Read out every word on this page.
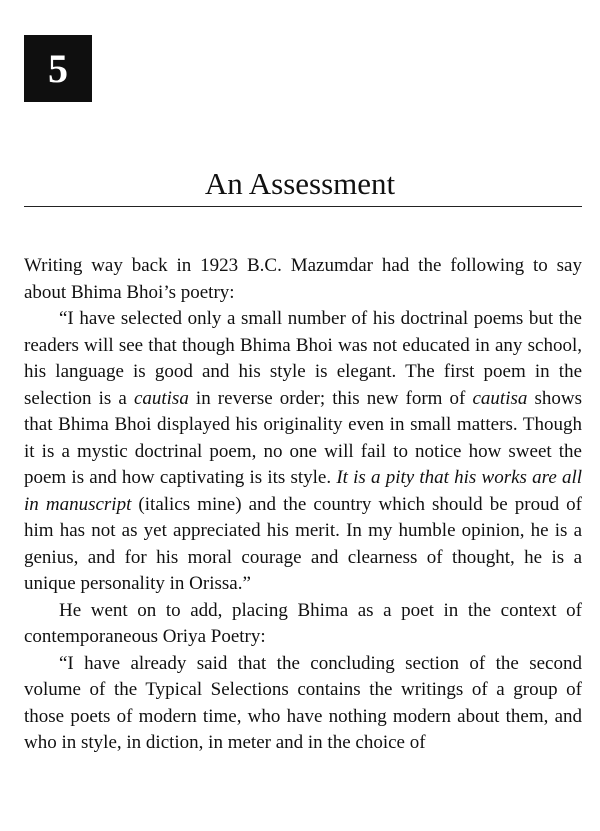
5
An Assessment

Writing way back in 1923 B.C. Mazumdar had the following to say about Bhima Bhoi’s poetry:

“I have selected only a small number of his doctrinal poems but the readers will see that though Bhima Bhoi was not educated in any school, his language is good and his style is elegant. The first poem in the selection is a cautisa in reverse order; this new form of cautisa shows that Bhima Bhoi displayed his originality even in small matters. Though it is a mystic doctrinal poem, no one will fail to notice how sweet the poem is and how captivating is its style. It is a pity that his works are all in manuscript (italics mine) and the country which should be proud of him has not as yet appreciated his merit. In my humble opinion, he is a genius, and for his moral courage and clearness of thought, he is a unique personality in Orissa.”

He went on to add, placing Bhima as a poet in the context of contemporaneous Oriya Poetry:

“I have already said that the concluding section of the second volume of the Typical Selections contains the writings of a group of those poets of modern time, who have nothing modern about them, and who in style, in diction, in meter and in the choice of
